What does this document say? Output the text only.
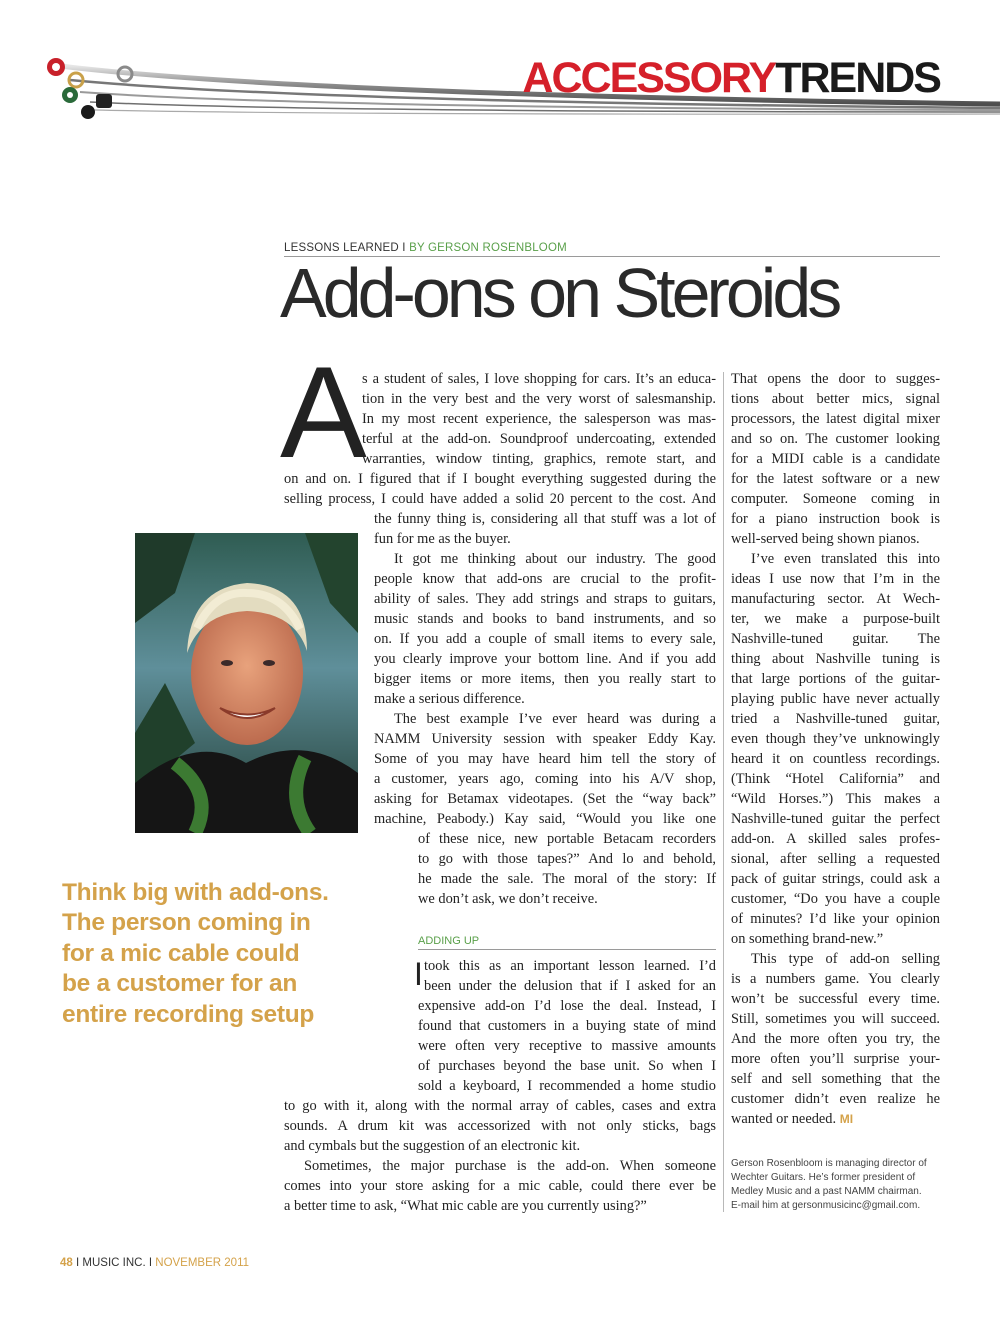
ACCESSORYTRENDS
LESSONS LEARNED I BY GERSON ROSENBLOOM
Add-ons on Steroids
A
s a student of sales, I love shopping for cars. It’s an educa-
tion in the very best and the very worst of salesmanship.
In my most recent experience, the salesperson was mas-
terful at the add-on. Soundproof undercoating, extended
warranties, window tinting, graphics, remote start, and
on and on. I figured that if I bought everything suggested during the
selling process, I could have added a solid 20 percent to the cost. And
the funny thing is, considering all that stuff was a lot of
fun for me as the buyer.
It got me thinking about our industry. The good
people know that add-ons are crucial to the profit-
ability of sales. They add strings and straps to guitars,
music stands and books to band instruments, and so
on. If you add a couple of small items to every sale,
you clearly improve your bottom line. And if you add
bigger items or more items, then you really start to
make a serious difference.
The best example I’ve ever heard was during a
NAMM University session with speaker Eddy Kay.
Some of you may have heard him tell the story of
a customer, years ago, coming into his A/V shop,
asking for Betamax videotapes. (Set the “way back”
machine, Peabody.) Kay said, “Would you like one
of these nice, new portable Betacam recorders
to go with those tapes?” And lo and behold,
he made the sale. The moral of the story: If
we don’t ask, we don’t receive.
took this as an important lesson learned. I’d
been under the delusion that if I asked for an
expensive add-on I’d lose the deal. Instead, I
found that customers in a buying state of mind
were often very receptive to massive amounts
of purchases beyond the base unit. So when I
sold a keyboard, I recommended a home studio
to go with it, along with the normal array of cables, cases and extra
sounds. A drum kit was accessorized with not only sticks, bags
and cymbals but the suggestion of an electronic kit.
Sometimes, the major purchase is the add-on. When someone
comes into your store asking for a mic cable, could there ever be
a better time to ask, “What mic cable are you currently using?”
That opens the door to sugges-
tions about better mics, signal
processors, the latest digital mixer
and so on. The customer looking
for a MIDI cable is a candidate
for the latest software or a new
computer. Someone coming in
for a piano instruction book is
well-served being shown pianos.
I’ve even translated this into
ideas I use now that I’m in the
manufacturing sector. At Wech-
ter, we make a purpose-built
Nashville-tuned guitar. The
thing about Nashville tuning is
that large portions of the guitar-
playing public have never actually
tried a Nashville-tuned guitar,
even though they’ve unknowingly
heard it on countless recordings.
(Think “Hotel California” and
“Wild Horses.”) This makes a
Nashville-tuned guitar the perfect
add-on. A skilled sales profes-
sional, after selling a requested
pack of guitar strings, could ask a
customer, “Do you have a couple
of minutes? I’d like your opinion
on something brand-new.”
This type of add-on selling
is a numbers game. You clearly
won’t be successful every time.
Still, sometimes you will succeed.
And the more often you try, the
more often you’ll surprise your-
self and sell something that the
customer didn’t even realize he
wanted or needed. MI
Think big with add-ons.
The person coming in
for a mic cable could
be a customer for an
entire recording setup
ADDING UP
I
Gerson Rosenbloom is managing director of
Wechter Guitars. He’s former president of
Medley Music and a past NAMM chairman.
E-mail him at gersonmusicinc@gmail.com.
48 I MUSIC INC. I NOVEMBER 2011
